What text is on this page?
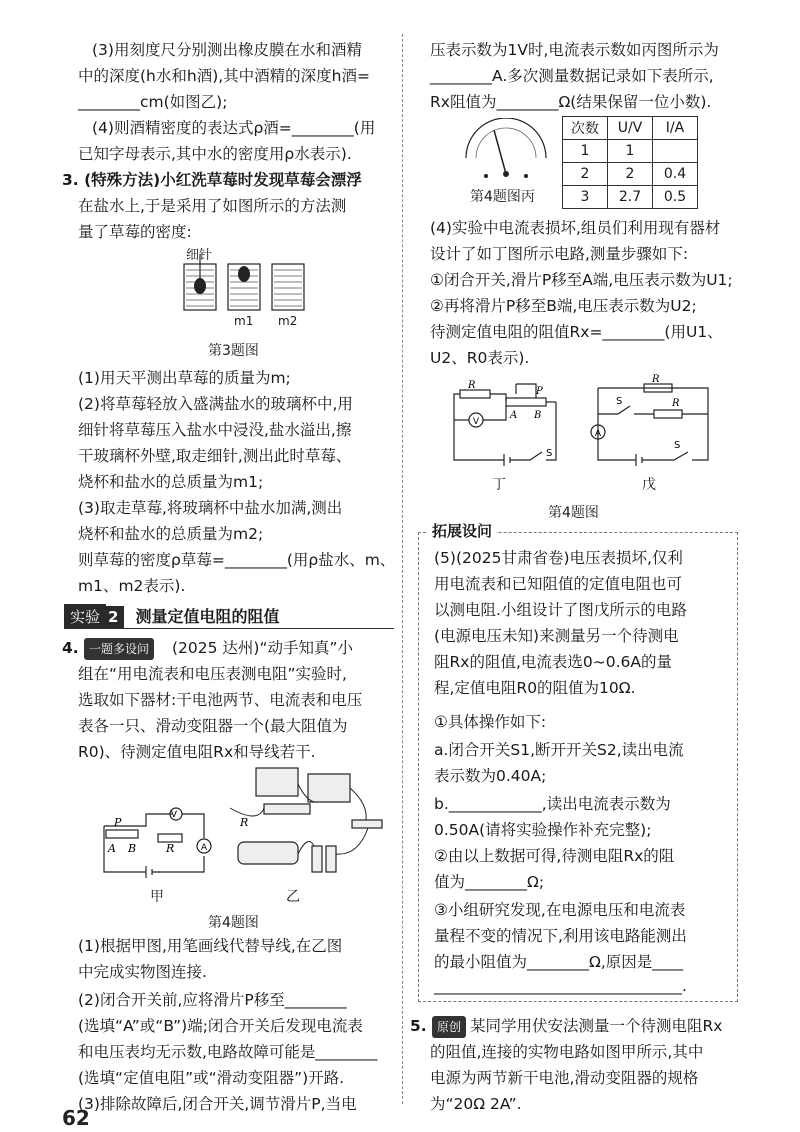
(3)用刻度尺分别测出橡皮膜在水和酒精
中的深度(h水和h酒),其中酒精的深度h酒=
________cm(如图乙);
(4)则酒精密度的表达式ρ酒=________(用
已知字母表示,其中水的密度用ρ水表示).
3. (特殊方法)小红洗草莓时发现草莓会漂浮
在盐水上,于是采用了如图所示的方法测
量了草莓的密度:
细针
m1 m2
第3题图
(1)用天平测出草莓的质量为m;
(2)将草莓轻放入盛满盐水的玻璃杯中,用
细针将草莓压入盐水中浸没,盐水溢出,擦
干玻璃杯外壁,取走细针,测出此时草莓、
烧杯和盐水的总质量为m1;
(3)取走草莓,将玻璃杯中盐水加满,测出
烧杯和盐水的总质量为m2;
则草莓的密度ρ草莓=________(用ρ盐水、m、
m1、m2表示).
实验 2 测量定值电阻的阻值
4. 一题多设问	(2025 达州)“动手知真”小
组在“用电流表和电压表测电阻”实验时,
选取如下器材:干电池两节、电流表和电压
表各一只、滑动变阻器一个(最大阻值为
R0)、待测定值电阻Rx和导线若干.
V
A
P
A B	R
甲
R
乙
第4题图
(1)根据甲图,用笔画线代替导线,在乙图
中完成实物图连接.
(2)闭合开关前,应将滑片P移至________
(选填“A”或“B”)端;闭合开关后发现电流表
和电压表均无示数,电路故障可能是________
(选填“定值电阻”或“滑动变阻器”)开路.
(3)排除故障后,闭合开关,调节滑片P,当电
62
压表示数为1V时,电流表示数如丙图所示为
________A.多次测量数据记录如下表所示,
Rx阻值为________Ω(结果保留一位小数).
第4题图丙
次数	U/V	I/A
1	1	
2	2	0.4
3	2.7	0.5
(4)实验中电流表损坏,组员们利用现有器材
设计了如丁图所示电路,测量步骤如下:
①闭合开关,滑片P移至A端,电压表示数为U1;
②再将滑片P移至B端,电压表示数为U2;
待测定值电阻的阻值Rx=________(用U1、
U2、R0表示).
V
R
P
A B
S
丁
A
R
R
S
S
戊
第4题图
拓展设问
(5)(2025甘肃省卷)电压表损坏,仅利
用电流表和已知阻值的定值电阻也可
以测电阻.小组设计了图戊所示的电路
(电源电压未知)来测量另一个待测电
阻Rx的阻值,电流表选0~0.6A的量
程,定值电阻R0的阻值为10Ω.
①具体操作如下:
a.闭合开关S1,断开开关S2,读出电流
表示数为0.40A;
b.____________,读出电流表示数为
0.50A(请将实验操作补充完整);
②由以上数据可得,待测电阻Rx的阻
值为________Ω;
③小组研究发现,在电源电压和电流表
量程不变的情况下,利用该电路能测出
的最小阻值为________Ω,原因是____
________________________________.
5. 原创 某同学用伏安法测量一个待测电阻Rx
的阻值,连接的实物电路如图甲所示,其中
电源为两节新干电池,滑动变阻器的规格
为“20Ω 2A”.
